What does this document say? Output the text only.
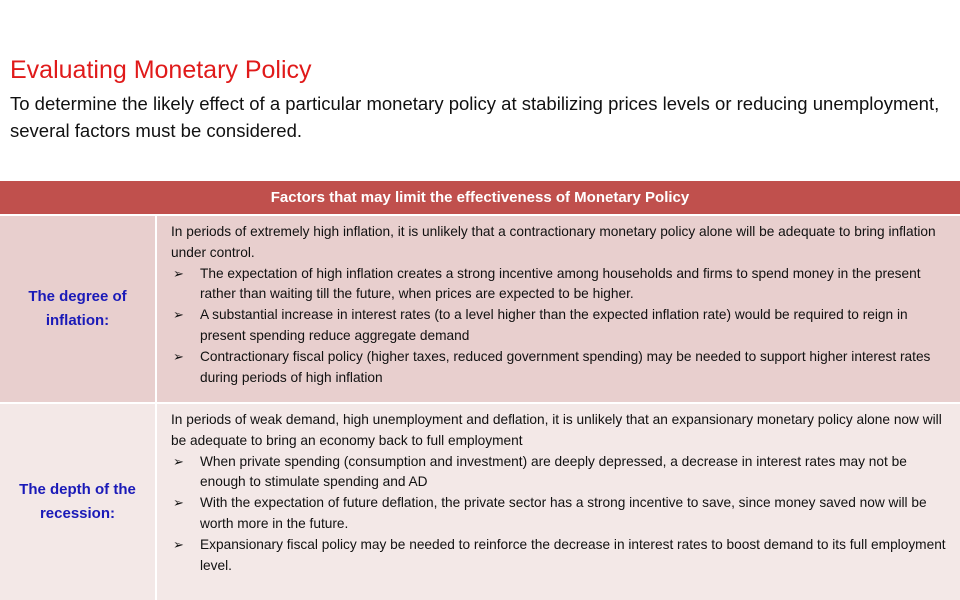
Evaluating Monetary Policy
To determine the likely effect of a particular monetary policy at stabilizing prices levels or reducing unemployment, several factors must be considered.
Factors that may limit the effectiveness of Monetary Policy
The degree of inflation:
In periods of extremely high inflation, it is unlikely that a contractionary monetary policy alone will be adequate to bring inflation under control.
➢ The expectation of high inflation creates a strong incentive among households and firms to spend money in the present rather than waiting till the future, when prices are expected to be higher.
➢ A substantial increase in interest rates (to a level higher than the expected inflation rate) would be required to reign in present spending reduce aggregate demand
➢ Contractionary fiscal policy (higher taxes, reduced government spending) may be needed to support higher interest rates during periods of high inflation
The depth of the recession:
In periods of weak demand, high unemployment and deflation, it is unlikely that an expansionary monetary policy alone now will be adequate to bring an economy back to full employment
➢ When private spending (consumption and investment) are deeply depressed, a decrease in interest rates may not be enough to stimulate spending and AD
➢ With the expectation of future deflation, the private sector has a strong incentive to save, since money saved now will be worth more in the future.
➢ Expansionary fiscal policy may be needed to reinforce the decrease in interest rates to boost demand to its full employment level.
